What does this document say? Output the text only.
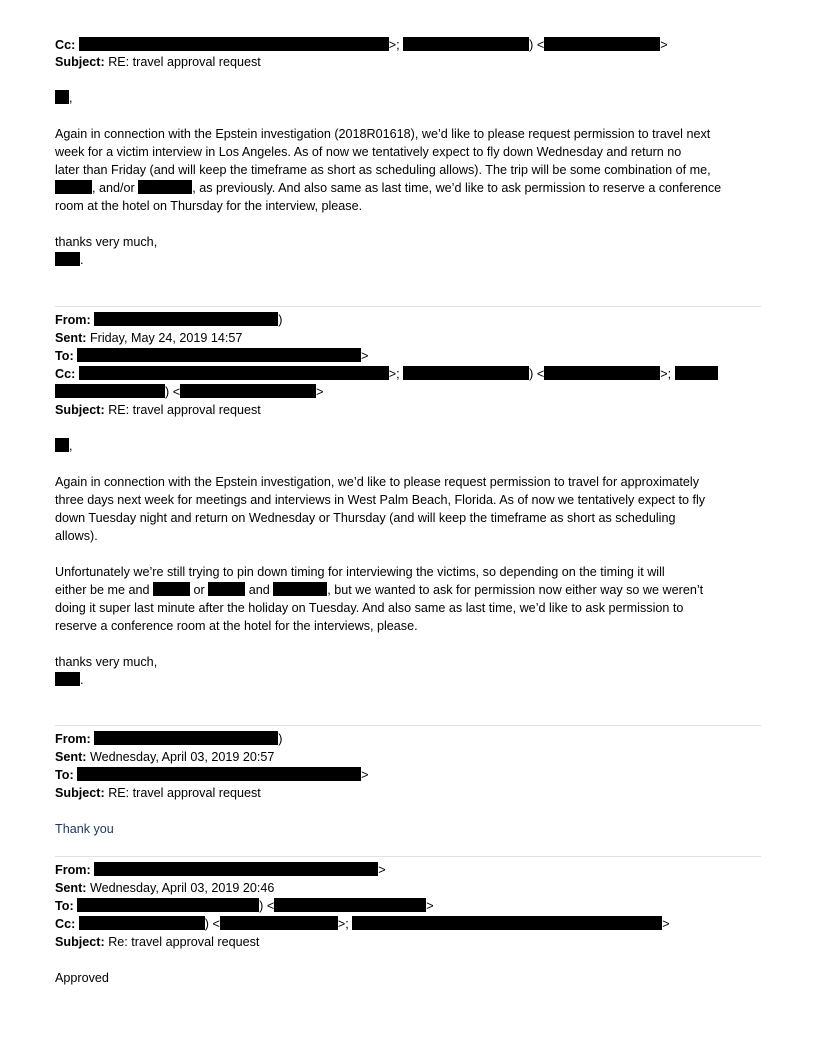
Cc:	>;	) <	>
Subject: RE: travel approval request
,
Again in connection with the Epstein investigation (2018R01618), we’d like to please request permission to travel next
week for a victim interview in Los Angeles. As of now we tentatively expect to fly down Wednesday and return no
later than Friday (and will keep the timeframe as short as scheduling allows). The trip will be some combination of me,
, and/or	, as previously. And also same as last time, we’d like to ask permission to reserve a conference
room at the hotel on Thursday for the interview, please.
thanks very much,
.
From:	)
Sent: Friday, May 24, 2019 14:57
To:	>
Cc:	>;	) <	>;
) <	>
Subject: RE: travel approval request
,
Again in connection with the Epstein investigation, we’d like to please request permission to travel for approximately
three days next week for meetings and interviews in West Palm Beach, Florida. As of now we tentatively expect to fly
down Tuesday night and return on Wednesday or Thursday (and will keep the timeframe as short as scheduling
allows).
Unfortunately we’re still trying to pin down timing for interviewing the victims, so depending on the timing it will
either be me and	or	and	, but we wanted to ask for permission now either way so we weren’t
doing it super last minute after the holiday on Tuesday. And also same as last time, we’d like to ask permission to
reserve a conference room at the hotel for the interviews, please.
thanks very much,
.
From:	)
Sent: Wednesday, April 03, 2019 20:57
To:	>
Subject: RE: travel approval request
Thank you
From:	>
Sent: Wednesday, April 03, 2019 20:46
To:	) <	>
Cc:	) <	>;	>
Subject: Re: travel approval request
Approved
